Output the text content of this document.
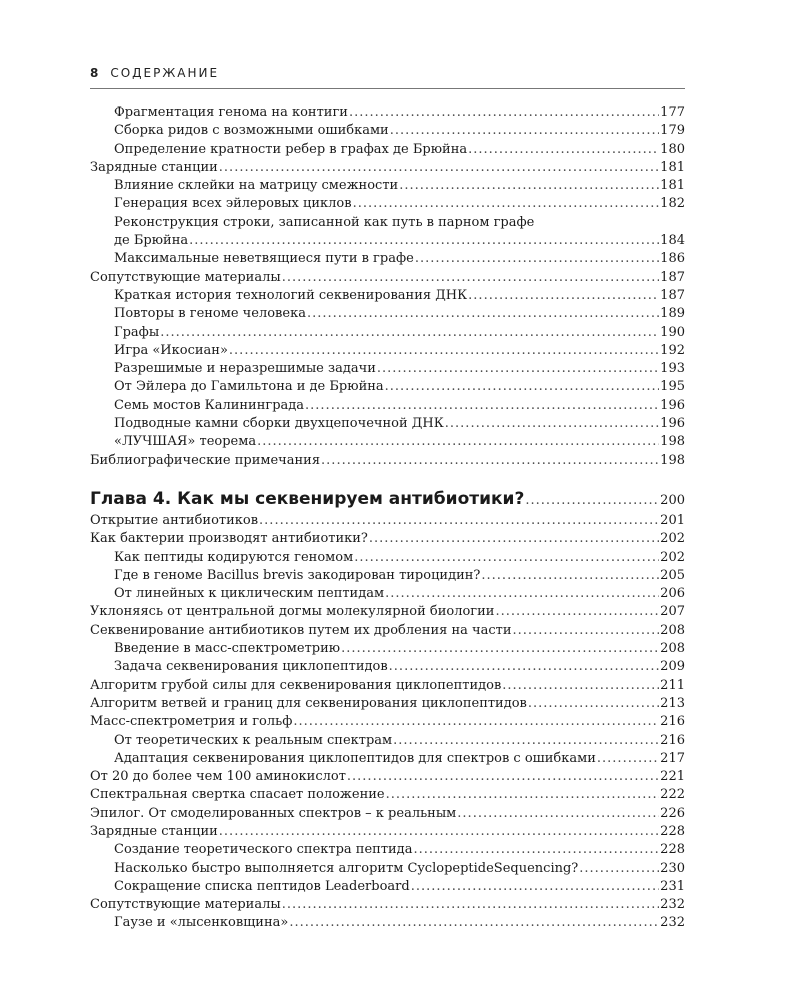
8 СОДЕРЖАНИЕ
Фрагментация генома на контиги .....	177
Сборка ридов с возможными ошибками .....	179
Определение кратности ребер в графах де Брюйна .....	180
Зарядные станции .....	181
Влияние склейки на матрицу смежности .....	181
Генерация всех эйлеровых циклов .....	182
Реконструкция строки, записанной как путь в парном графе
де Брюйна .....	184
Максимальные неветвящиеся пути в графе .....	186
Сопутствующие материалы .....	187
Краткая история технологий секвенирования ДНК .....	187
Повторы в геноме человека .....	189
Графы .....	190
Игра «Икосиан» .....	192
Разрешимые и неразрешимые задачи .....	193
От Эйлера до Гамильтона и де Брюйна .....	195
Семь мостов Калининграда .....	196
Подводные камни сборки двухцепочечной ДНК .....	196
«ЛУЧШАЯ» теорема .....	198
Библиографические примечания .....	198
Глава 4. Как мы секвенируем антибиотики? .....	200
Открытие антибиотиков .....	201
Как бактерии производят антибиотики? .....	202
Как пептиды кодируются геномом .....	202
Где в геноме Bacillus brevis закодирован тироцидин? .....	205
От линейных к циклическим пептидам .....	206
Уклоняясь от центральной догмы молекулярной биологии .....	207
Секвенирование антибиотиков путем их дробления на части .....	208
Введение в масс-спектрометрию .....	208
Задача секвенирования циклопептидов .....	209
Алгоритм грубой силы для секвенирования циклопептидов .....	211
Алгоритм ветвей и границ для секвенирования циклопептидов .....	213
Масс-спектрометрия и гольф .....	216
От теоретических к реальным спектрам .....	216
Адаптация секвенирования циклопептидов для спектров с ошибками .....	217
От 20 до более чем 100 аминокислот .....	221
Спектральная свертка спасает положение .....	222
Эпилог. От смоделированных спектров – к реальным .....	226
Зарядные станции .....	228
Создание теоретического спектра пептида .....	228
Насколько быстро выполняется алгоритм CyclopeptideSequencing? .....	230
Сокращение списка пептидов Leaderboard .....	231
Сопутствующие материалы .....	232
Гаузе и «лысенковщина» .....	232
